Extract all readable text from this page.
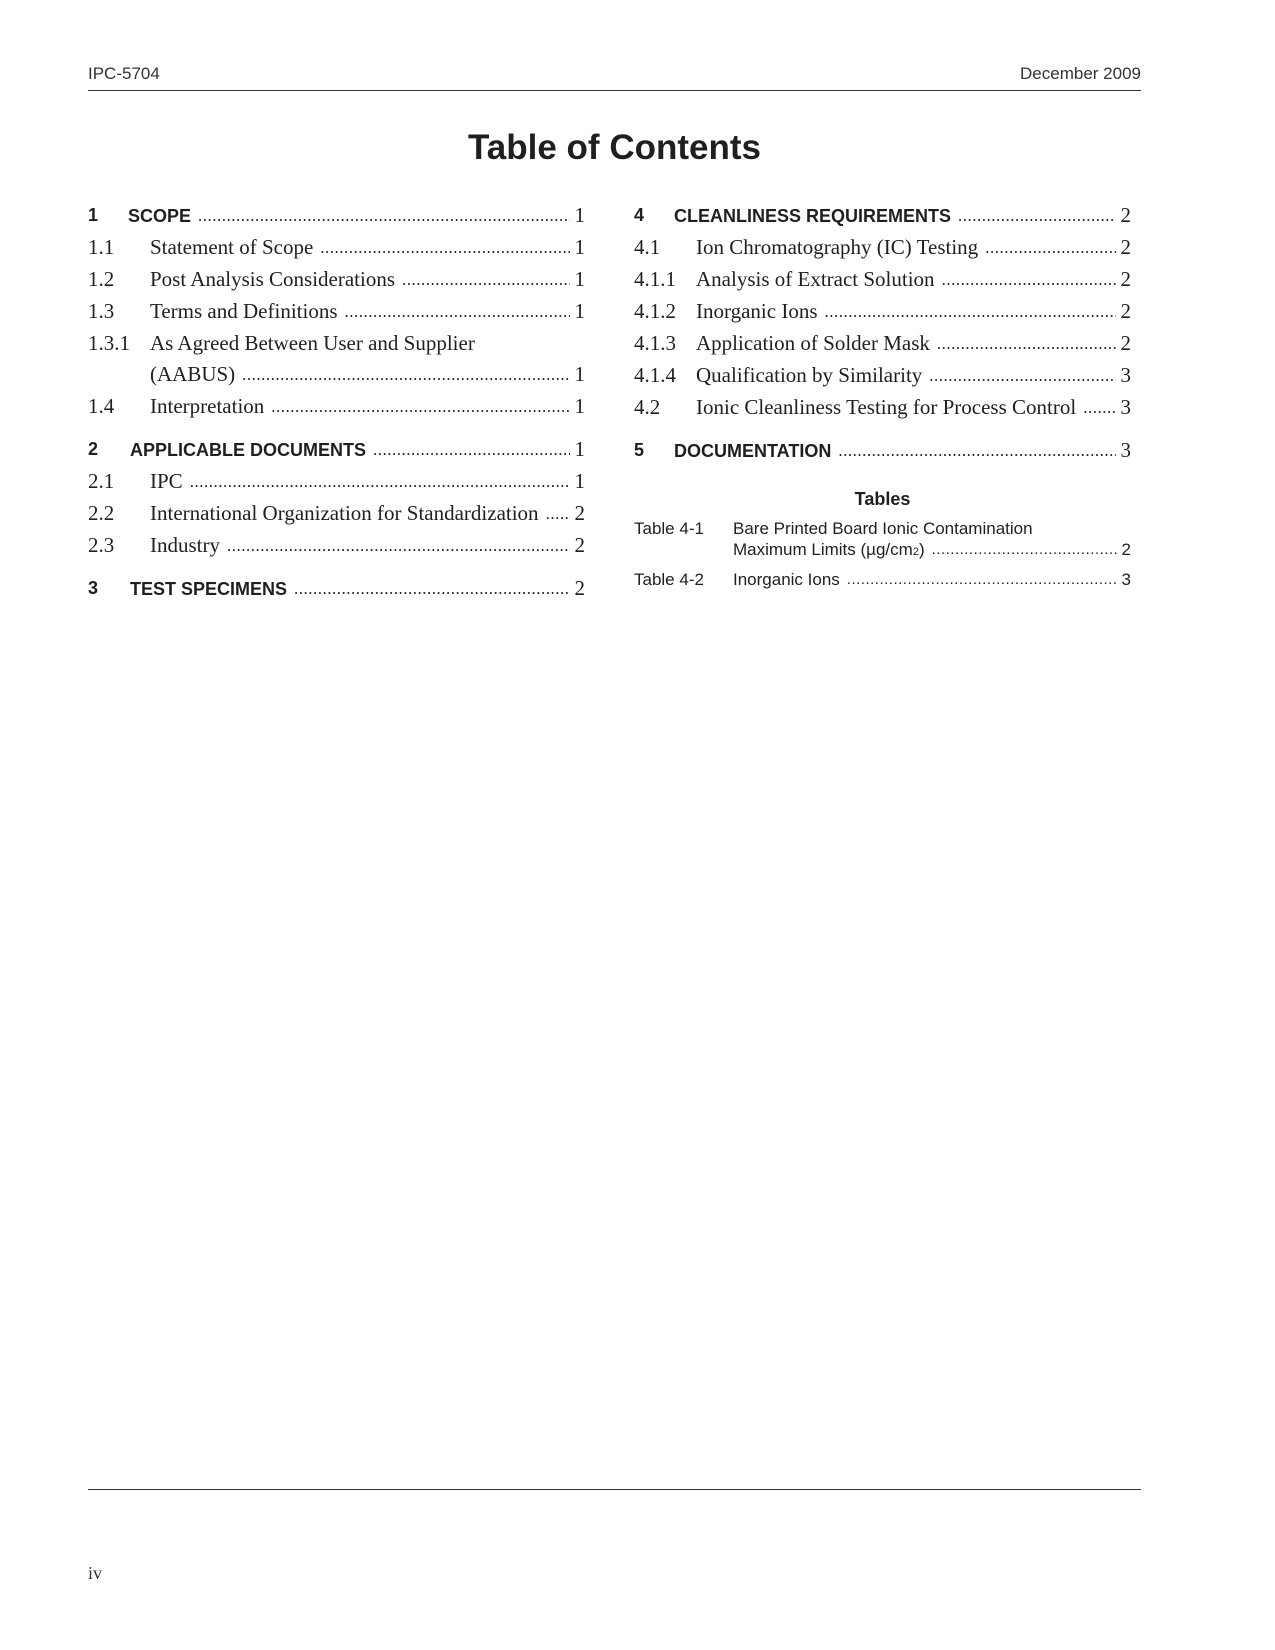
IPC-5704	December 2009
Table of Contents
1 SCOPE .....	1
1.1 Statement of Scope .....	1
1.2 Post Analysis Considerations .....	1
1.3 Terms and Definitions .....	1
1.3.1 As Agreed Between User and Supplier
(AABUS) .....	1
1.4 Interpretation .....	1
2 APPLICABLE DOCUMENTS .....	1
2.1 IPC .....	1
2.2 International Organization for Standardization ..... 2
2.3 Industry .....	2
3 TEST SPECIMENS .....	2
4 CLEANLINESS REQUIREMENTS .....	2
4.1 Ion Chromatography (IC) Testing .....	2
4.1.1 Analysis of Extract Solution .....	2
4.1.2 Inorganic Ions .....	2
4.1.3 Application of Solder Mask .....	2
4.1.4 Qualification by Similarity .....	3
4.2 Ionic Cleanliness Testing for Process Control ..... 3
5 DOCUMENTATION .....	3
Tables
Table 4-1 Bare Printed Board Ionic Contamination
Maximum Limits (µg/cm 2 ) .....	2
Table 4-2 Inorganic Ions .....	3
iv
